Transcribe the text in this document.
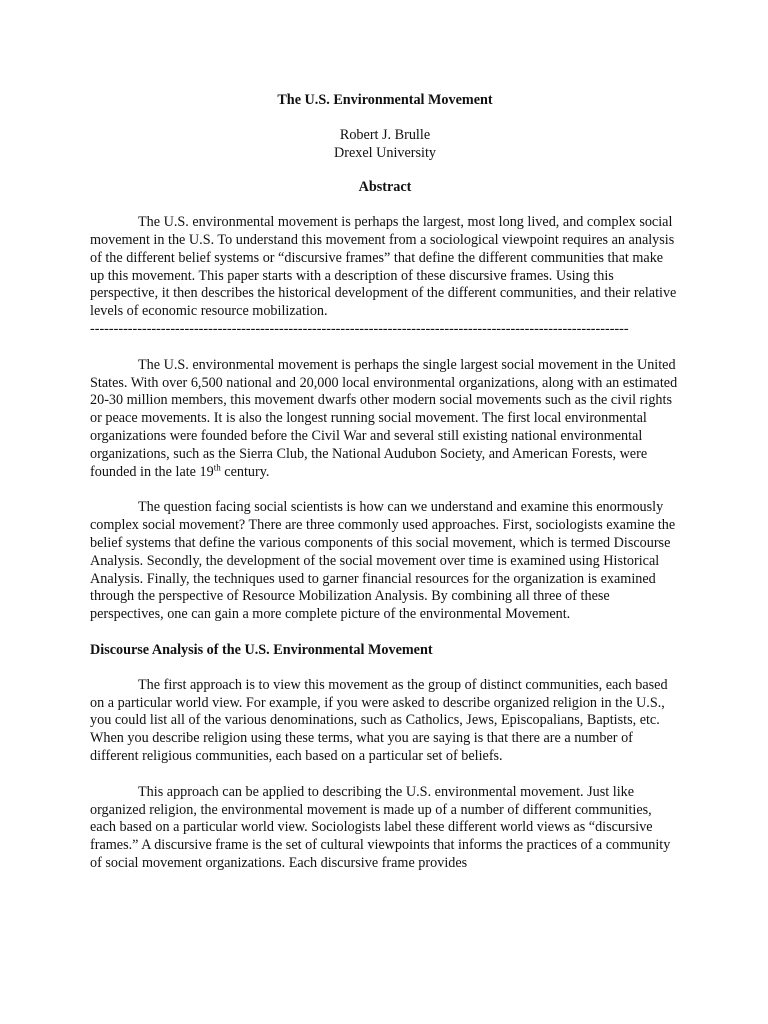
The U.S. Environmental Movement
Robert J. Brulle
Drexel University
Abstract

The U.S. environmental movement is perhaps the largest, most long lived, and complex social movement in the U.S. To understand this movement from a sociological viewpoint requires an analysis of the different belief systems or “discursive frames” that define the different communities that make up this movement. This paper starts with a description of these discursive frames. Using this perspective, it then describes the historical development of the different communities, and their relative levels of economic resource mobilization.

------------------------------------------------------------------------------------------------------------------

The U.S. environmental movement is perhaps the single largest social movement in the United States. With over 6,500 national and 20,000 local environmental organizations, along with an estimated 20-30 million members, this movement dwarfs other modern social movements such as the civil rights or peace movements. It is also the longest running social movement. The first local environmental organizations were founded before the Civil War and several still existing national environmental organizations, such as the Sierra Club, the National Audubon Society, and American Forests, were founded in the late 19th century.

The question facing social scientists is how can we understand and examine this enormously complex social movement? There are three commonly used approaches. First, sociologists examine the belief systems that define the various components of this social movement, which is termed Discourse Analysis. Secondly, the development of the social movement over time is examined using Historical Analysis. Finally, the techniques used to garner financial resources for the organization is examined through the perspective of Resource Mobilization Analysis. By combining all three of these perspectives, one can gain a more complete picture of the environmental Movement.

Discourse Analysis of the U.S. Environmental Movement

The first approach is to view this movement as the group of distinct communities, each based on a particular world view. For example, if you were asked to describe organized religion in the U.S., you could list all of the various denominations, such as Catholics, Jews, Episcopalians, Baptists, etc. When you describe religion using these terms, what you are saying is that there are a number of different religious communities, each based on a particular set of beliefs.

This approach can be applied to describing the U.S. environmental movement. Just like organized religion, the environmental movement is made up of a number of different communities, each based on a particular world view. Sociologists label these different world views as “discursive frames.” A discursive frame is the set of cultural viewpoints that informs the practices of a community of social movement organizations. Each discursive frame provides
